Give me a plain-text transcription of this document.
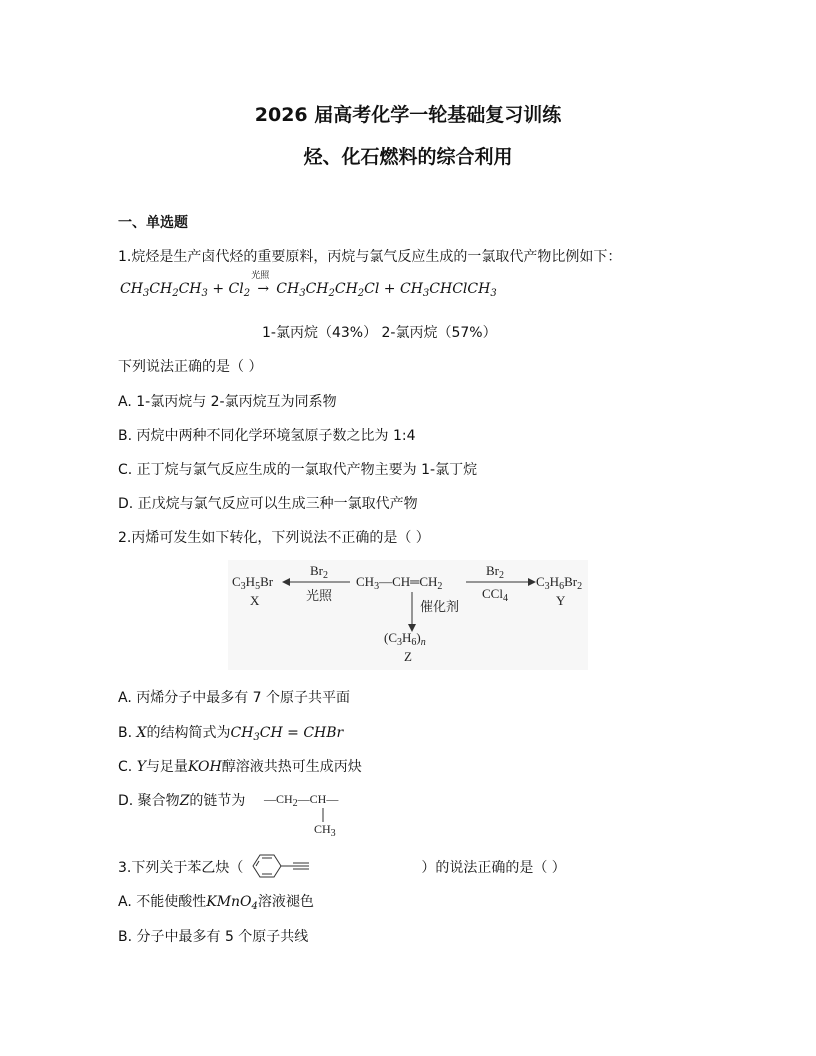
2026 届高考化学一轮基础复习训练
烃、化石燃料的综合利用
一、单选题
1.烷烃是生产卤代烃的重要原料，丙烷与氯气反应生成的一氯取代产物比例如下：
$CH_3CH_2CH_3 + Cl_2$
光照
→ $CH_3CH_2CH_2Cl$ + $CH_3CHClCH_3$
1-氯丙烷（43%） 2-氯丙烷（57%）
下列说法正确的是（ ）
A. 1-氯丙烷与 2-氯丙烷互为同系物
B. 丙烷中两种不同化学环境氢原子数之比为 1:4
C. 正丁烷与氯气反应生成的一氯取代产物主要为 1-氯丁烷
D. 正戊烷与氯气反应可以生成三种一氯取代产物
2.丙烯可发生如下转化，下列说法不正确的是（ ）
$C_3H_5Br$
X
$Br_2$
光照
$CH_3—CH═CH_2$
$Br_2$
CCl$_4$
$C_3H_6Br_2$
Y
催化剂
$(C_3H_6)_n$
Z
A. 丙烯分子中最多有 7 个原子共平面
B. X的结构简式为$CH_3CH$ = CHBr
C. Y与足量KOH醇溶液共热可生成丙炔
D. 聚合物Z的链节为 $—CH_2—CH—$
$CH_3$
3.下列关于苯乙炔（	）的说法正确的是（ ）
A. 不能使酸性KMnO$_4$溶液褪色
B. 分子中最多有 5 个原子共线
